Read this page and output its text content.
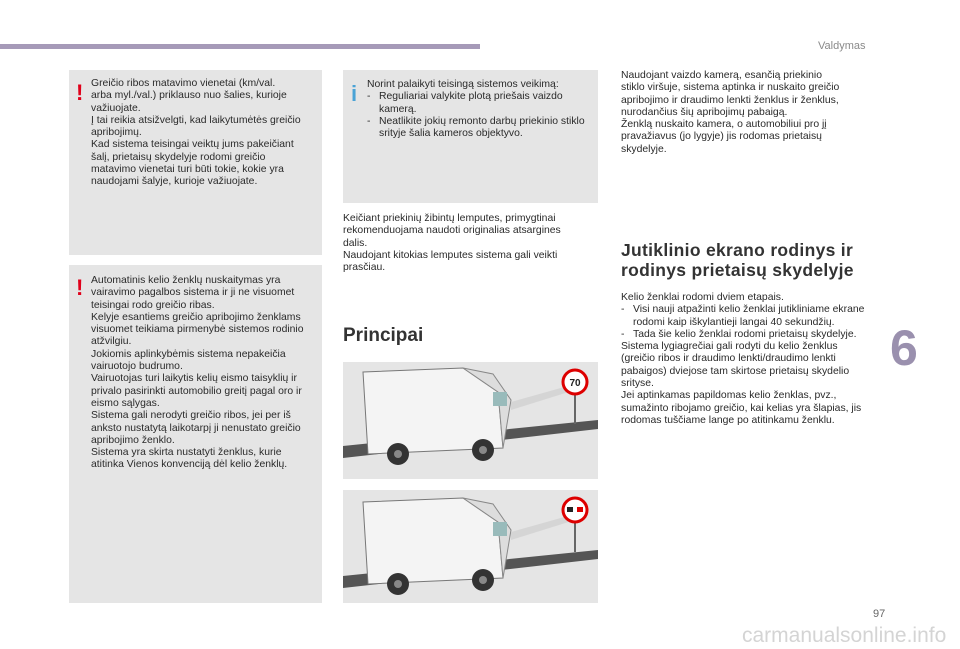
Valdymas
! Greičio ribos matavimo vienetai (km/val.

arba myl./val.) priklauso nuo šalies, kurioje

važiuojate.

Į tai reikia atsižvelgti, kad laikytumėtės greičio

apribojimų.

Kad sistema teisingai veiktų jums pakeičiant

šalį, prietaisų skydelyje rodomi greičio

matavimo vienetai turi būti tokie, kokie yra

naudojami šalyje, kurioje važiuojate.

! Automatinis kelio ženklų nuskaitymas yra

vairavimo pagalbos sistema ir ji ne visuomet

teisingai rodo greičio ribas.

Kelyje esantiems greičio apribojimo ženklams

visuomet teikiama pirmenybė sistemos rodinio

atžvilgiu.

Jokiomis aplinkybėmis sistema nepakeičia

vairuotojo budrumo.

Vairuotojas turi laikytis kelių eismo taisyklių ir

privalo pasirinkti automobilio greitį pagal oro ir

eismo sąlygas.

Sistema gali nerodyti greičio ribos, jei per iš

anksto nustatytą laikotarpį ji nenustato greičio

apribojimo ženklo.

Sistema yra skirta nustatyti ženklus, kurie

atitinka Vienos konvenciją dėl kelio ženklų.

i Norint palaikyti teisingą sistemos veikimą:

- Reguliariai valykite plotą priešais vaizdo kamerą.
- Neatlikite jokių remonto darbų priekinio stiklo srityje šalia kameros objektyvo.

Keičiant priekinių žibintų lemputes, primygtinai

rekomenduojama naudoti originalias atsargines

dalis.

Naudojant kitokias lemputes sistema gali veikti

prasčiau.

Principai
70

Naudojant vaizdo kamerą, esančią priekinio

stiklo viršuje, sistema aptinka ir nuskaito greičio

apribojimo ir draudimo lenkti ženklus ir ženklus,

nurodančius šių apribojimų pabaigą.

Ženklą nuskaito kamera, o automobiliui pro jį

pravažiavus (jo lygyje) jis rodomas prietaisų

skydelyje.

Jutiklinio ekrano rodinys ir
rodinys prietaisų skydelyje

Kelio ženklai rodomi dviem etapais.

- Visi nauji atpažinti kelio ženklai jutikliniame ekrane rodomi kaip iškylantieji langai 40 sekundžių.
- Tada šie kelio ženklai rodomi prietaisų skydelyje.

Sistema lygiagrečiai gali rodyti du kelio ženklus

(greičio ribos ir draudimo lenkti/draudimo lenkti

pabaigos) dviejose tam skirtose prietaisų skydelio

srityse.

Jei aptinkamas papildomas kelio ženklas, pvz.,

sumažinto ribojamo greičio, kai kelias yra šlapias, jis

rodomas tuščiame lange po atitinkamu ženklu.

6
97
carmanualsonline.info
